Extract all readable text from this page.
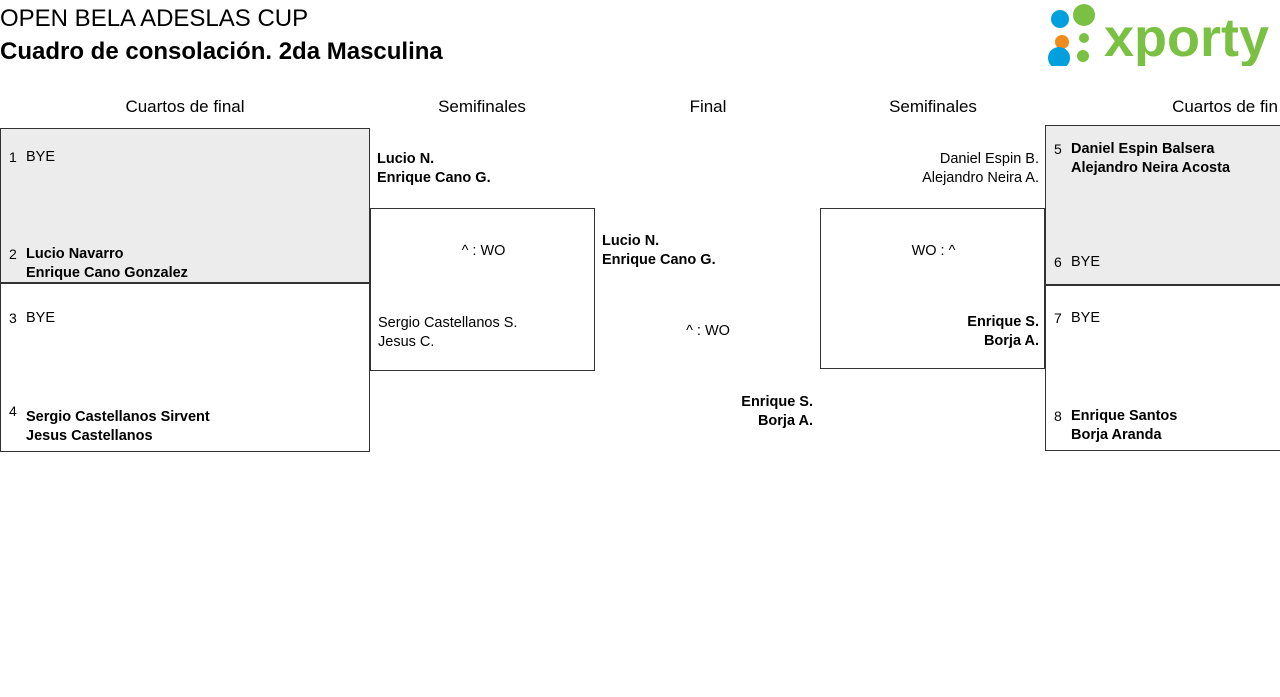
OPEN BELA ADESLAS CUP
Cuadro de consolación. 2da Masculina	xporty
Cuartos de final	Semifinales	Final	Semifinales	Cuartos de fin
1 BYE
2 Lucio Navarro
Enrique Cano Gonzalez
3 BYE
4 Sergio Castellanos Sirvent
Jesus Castellanos
Lucio N.
Enrique Cano G.
^ : WO
Sergio Castellanos S.
Jesus C.
Lucio N.
Enrique Cano G.
^ : WO
Enrique S.
Borja A.
Daniel Espin B.
Alejandro Neira A.
WO : ^
Enrique S.
Borja A.
5 Daniel Espin Balsera
Alejandro Neira Acosta
6 BYE
7 BYE
8 Enrique Santos
Borja Aranda
